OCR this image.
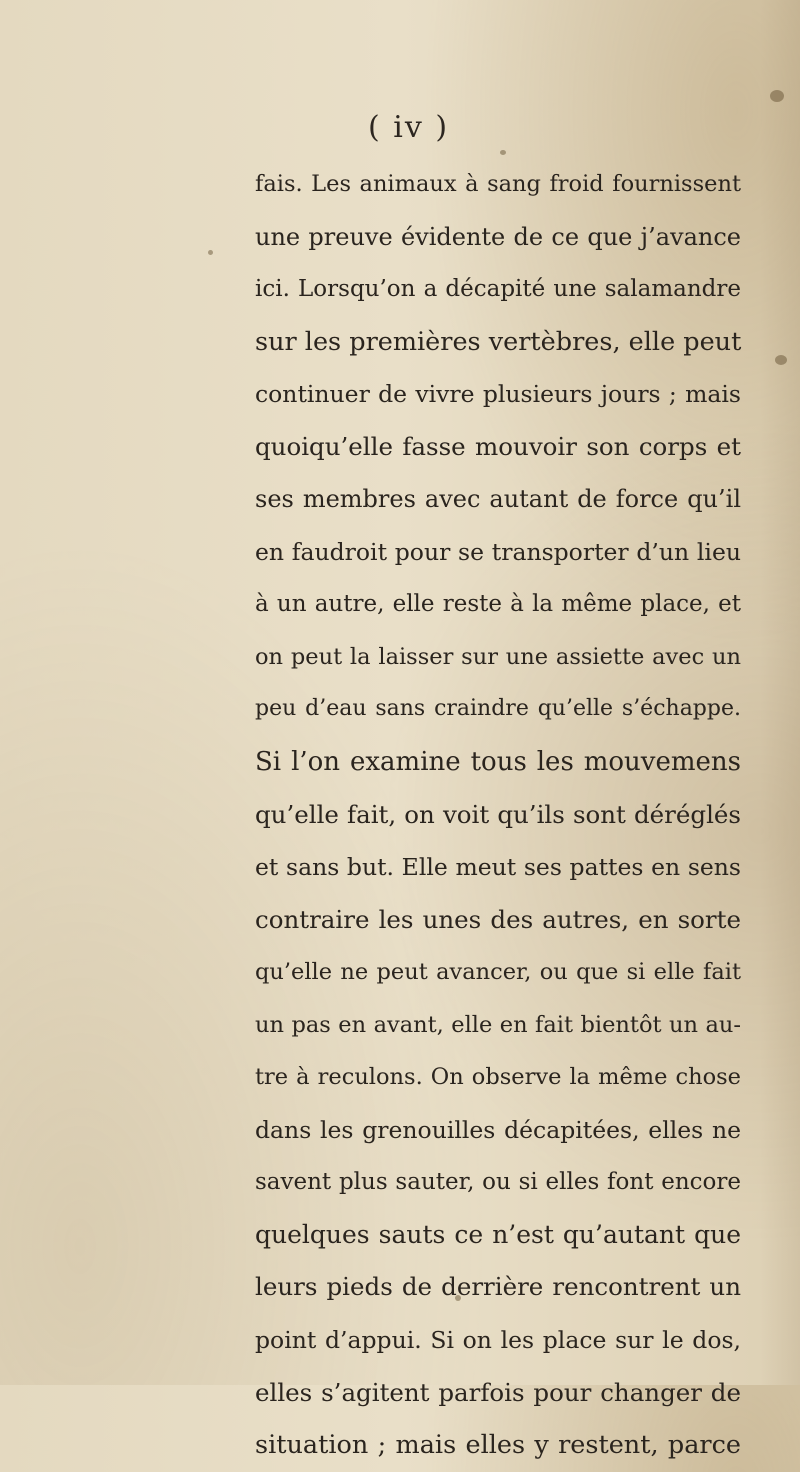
( iv )
fais. Les animaux à sang froid fournissent
une preuve évidente de ce que j’avance
ici. Lorsqu’on a décapité une salamandre
sur les premières vertèbres, elle peut
continuer de vivre plusieurs jours ; mais
quoiqu’elle fasse mouvoir son corps et
ses membres avec autant de force qu’il
en faudroit pour se transporter d’un lieu
à un autre, elle reste à la même place, et
on peut la laisser sur une assiette avec un
peu d’eau sans craindre qu’elle s’échappe.
Si l’on examine tous les mouvemens
qu’elle fait, on voit qu’ils sont déréglés
et sans but. Elle meut ses pattes en sens
contraire les unes des autres, en sorte
qu’elle ne peut avancer, ou que si elle fait
un pas en avant, elle en fait bientôt un au-
tre à reculons. On observe la même chose
dans les grenouilles décapitées, elles ne
savent plus sauter, ou si elles font encore
quelques sauts ce n’est qu’autant que
leurs pieds de derrière rencontrent un
point d’appui. Si on les place sur le dos,
elles s’agitent parfois pour changer de
situation ; mais elles y restent, parce
